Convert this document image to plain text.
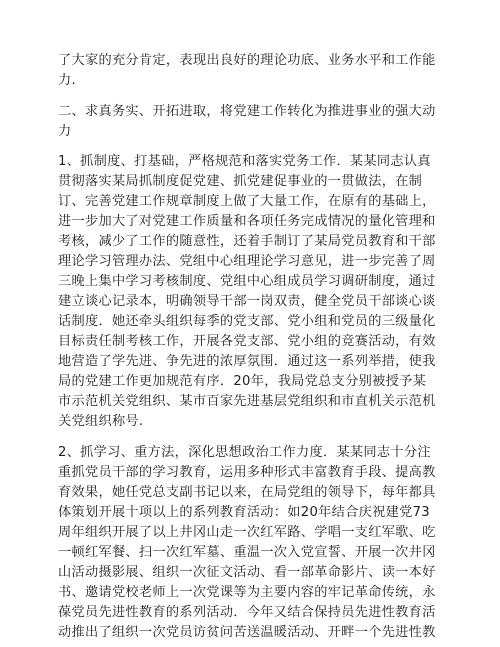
了大家的充分肯定，表现出良好的理论功底、业务水平和工作能
力.
二、求真务实、开拓进取，将党建工作转化为推进事业的强大动
力
1、抓制度、打基础，严格规范和落实党务工作．某某同志认真
贯彻落实某局抓制度促党建、抓党建促事业的一贯做法，在制
订、完善党建工作规章制度上做了大量工作，在原有的基础上，
进一步加大了对党建工作质量和各项任务完成情况的量化管理和
考核，减少了工作的随意性，还着手制订了某局党员教育和干部
理论学习管理办法、党组中心组理论学习意见，进一步完善了周
三晚上集中学习考核制度、党组中心组成员学习调研制度，通过
建立谈心记录本，明确领导干部一岗双责，健全党员干部谈心谈
话制度．她还牵头组织每季的党支部、党小组和党员的三级量化
目标责任制考核工作，开展各党支部、党小组的竞赛活动，有效
地营造了学先进、争先进的浓厚氛围．通过这一系列举措，使我
局的党建工作更加规范有序．20年，我局党总支分别被授予某
市示范机关党组织、某市百家先进基层党组织和市直机关示范机
关党组织称号.
2、抓学习、重方法，深化思想政治工作力度．某某同志十分注
重抓党员干部的学习教育，运用多种形式丰富教育手段、提高教
育效果，她任党总支副书记以来，在局党组的领导下，每年都具
体策划开展十项以上的系列教育活动：如20年结合庆祝建党73
周年组织开展了以上井冈山走一次红军路、学唱一支红军歌、吃
一顿红军餐、扫一次红军墓、重温一次入党宣誓、开展一次井冈
山活动摄影展、组织一次征文活动、看一部革命影片、读一本好
书、邀请党校老师上一次党课等为主要内容的牢记革命传统，永
葆党员先进性教育的系列活动．今年又结合保持员先进性教育活
动推出了组织一次党员访贫问苦送温暖活动、开畔一个先进性教
